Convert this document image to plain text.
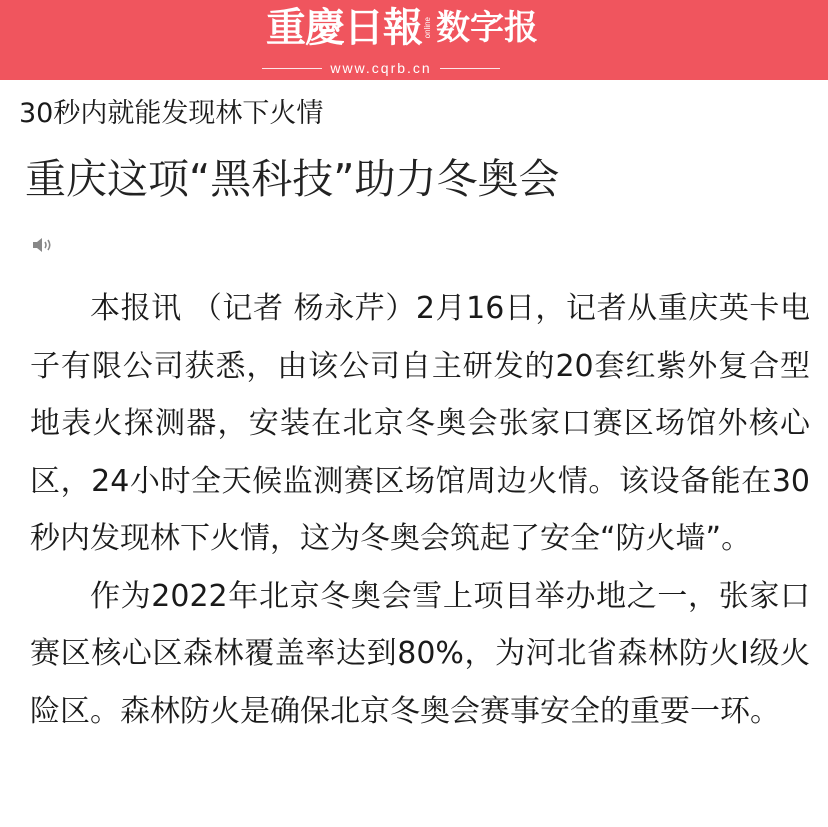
重慶日報 online 数字报
www.cqrb.cn
30秒内就能发现林下火情
重庆这项“黑科技”助力冬奥会

本报讯 （记者 杨永芹）2月16日，记者从重庆英卡电子有限公司获悉，由该公司自主研发的20套红紫外复合型地表火探测器，安装在北京冬奥会张家口赛区场馆外核心区，24小时全天候监测赛区场馆周边火情。该设备能在30秒内发现林下火情，这为冬奥会筑起了安全“防火墙”。

作为2022年北京冬奥会雪上项目举办地之一，张家口赛区核心区森林覆盖率达到80%，为河北省森林防火I级火险区。森林防火是确保北京冬奥会赛事安全的重要一环。
